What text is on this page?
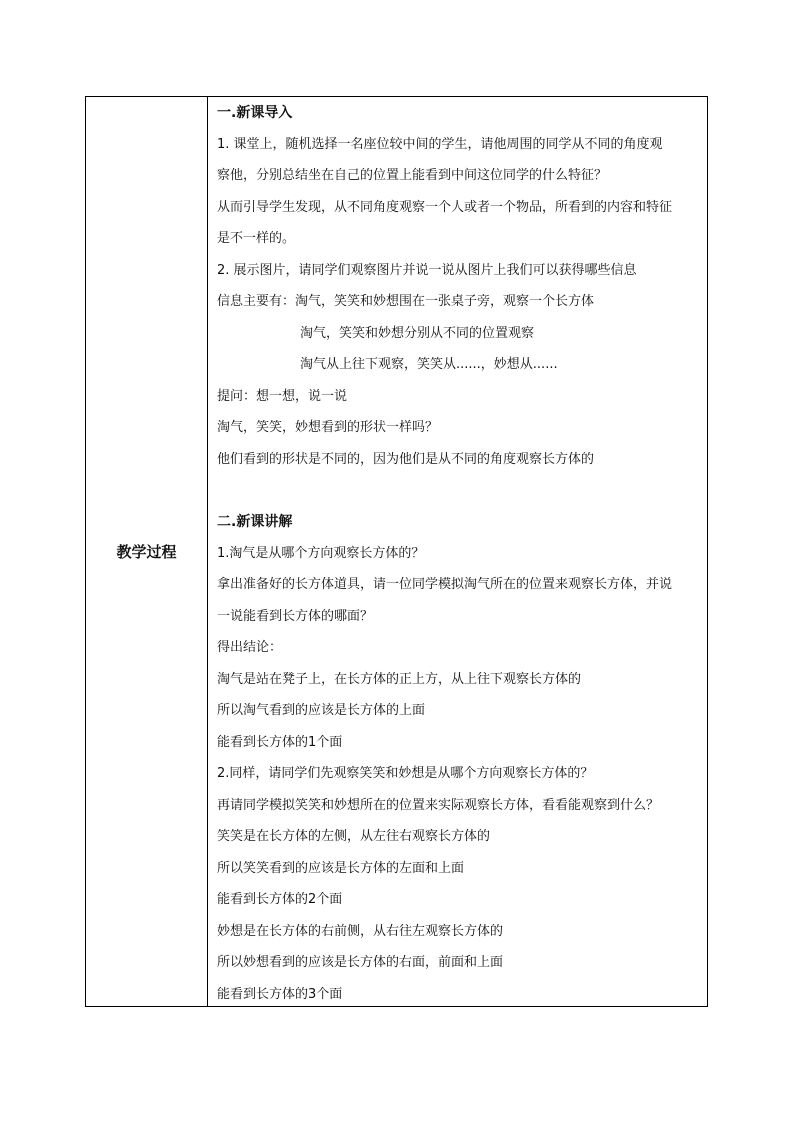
教学过程
一.新课导入
1. 课堂上，随机选择一名座位较中间的学生，请他周围的同学从不同的角度观
察他，分别总结坐在自己的位置上能看到中间这位同学的什么特征？
从而引导学生发现，从不同角度观察一个人或者一个物品，所看到的内容和特征
是不一样的。
2. 展示图片，请同学们观察图片并说一说从图片上我们可以获得哪些信息
信息主要有：淘气，笑笑和妙想围在一张桌子旁，观察一个长方体
淘气，笑笑和妙想分别从不同的位置观察
淘气从上往下观察，笑笑从......，妙想从......
提问：想一想，说一说
淘气，笑笑，妙想看到的形状一样吗？
他们看到的形状是不同的，因为他们是从不同的角度观察长方体的
二.新课讲解
1.淘气是从哪个方向观察长方体的？
拿出准备好的长方体道具，请一位同学模拟淘气所在的位置来观察长方体，并说
一说能看到长方体的哪面？
得出结论：
淘气是站在凳子上，在长方体的正上方，从上往下观察长方体的
所以淘气看到的应该是长方体的上面
能看到长方体的1个面
2.同样，请同学们先观察笑笑和妙想是从哪个方向观察长方体的？
再请同学模拟笑笑和妙想所在的位置来实际观察长方体，看看能观察到什么？
笑笑是在长方体的左侧，从左往右观察长方体的
所以笑笑看到的应该是长方体的左面和上面
能看到长方体的2个面
妙想是在长方体的右前侧，从右往左观察长方体的
所以妙想看到的应该是长方体的右面，前面和上面
能看到长方体的3个面
